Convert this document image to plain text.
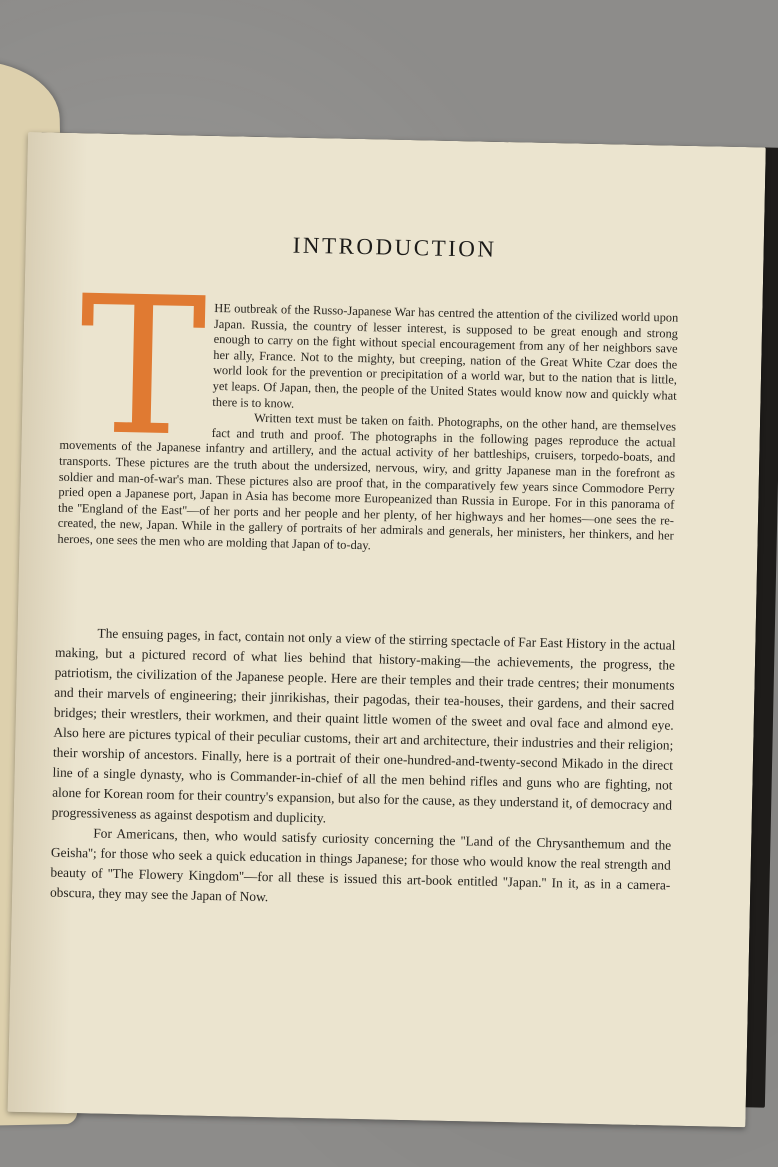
INTRODUCTION
T HE outbreak of the Russo-Japanese War has centred the attention of the civilized world upon Japan. Russia, the country of lesser interest, is supposed to be great enough and strong enough to carry on the fight without special encouragement from any of her neighbors save her ally, France. Not to the mighty, but creeping, nation of the Great White Czar does the world look for the prevention or precipitation of a world war, but to the nation that is little, yet leaps. Of Japan, then, the people of the United States would know now and quickly what there is to know.

Written text must be taken on faith. Photographs, on the other hand, are themselves fact and truth and proof. The photographs in the following pages reproduce the actual movements of the Japanese infantry and artillery, and the actual activity of her battleships, cruisers, torpedo-boats, and transports. These pictures are the truth about the undersized, nervous, wiry, and gritty Japanese man in the forefront as soldier and man-of-war's man. These pictures also are proof that, in the comparatively few years since Commodore Perry pried open a Japanese port, Japan in Asia has become more Europeanized than Russia in Europe. For in this panorama of the ''England of the East''—of her ports and her people and her plenty, of her highways and her homes—one sees the re-created, the new, Japan. While in the gallery of portraits of her admirals and generals, her ministers, her thinkers, and her heroes, one sees the men who are molding that Japan of to-day.

The ensuing pages, in fact, contain not only a view of the stirring spectacle of Far East History in the actual making, but a pictured record of what lies behind that history-making—the achievements, the progress, the patriotism, the civilization of the Japanese people. Here are their temples and their trade centres; their monuments and their marvels of engineering; their jinrikishas, their pagodas, their tea-houses, their gardens, and their sacred bridges; their wrestlers, their workmen, and their quaint little women of the sweet and oval face and almond eye. Also here are pictures typical of their peculiar customs, their art and architecture, their industries and their religion; their worship of ancestors. Finally, here is a portrait of their one-hundred-and-twenty-second Mikado in the direct line of a single dynasty, who is Commander-in-chief of all the men behind rifles and guns who are fighting, not alone for Korean room for their country's expansion, but also for the cause, as they understand it, of democracy and progressiveness as against despotism and duplicity.

For Americans, then, who would satisfy curiosity concerning the ''Land of the Chrysanthemum and the Geisha''; for those who seek a quick education in things Japanese; for those who would know the real strength and beauty of ''The Flowery Kingdom''—for all these is issued this art-book entitled ''Japan.'' In it, as in a camera-obscura, they may see the Japan of Now.
